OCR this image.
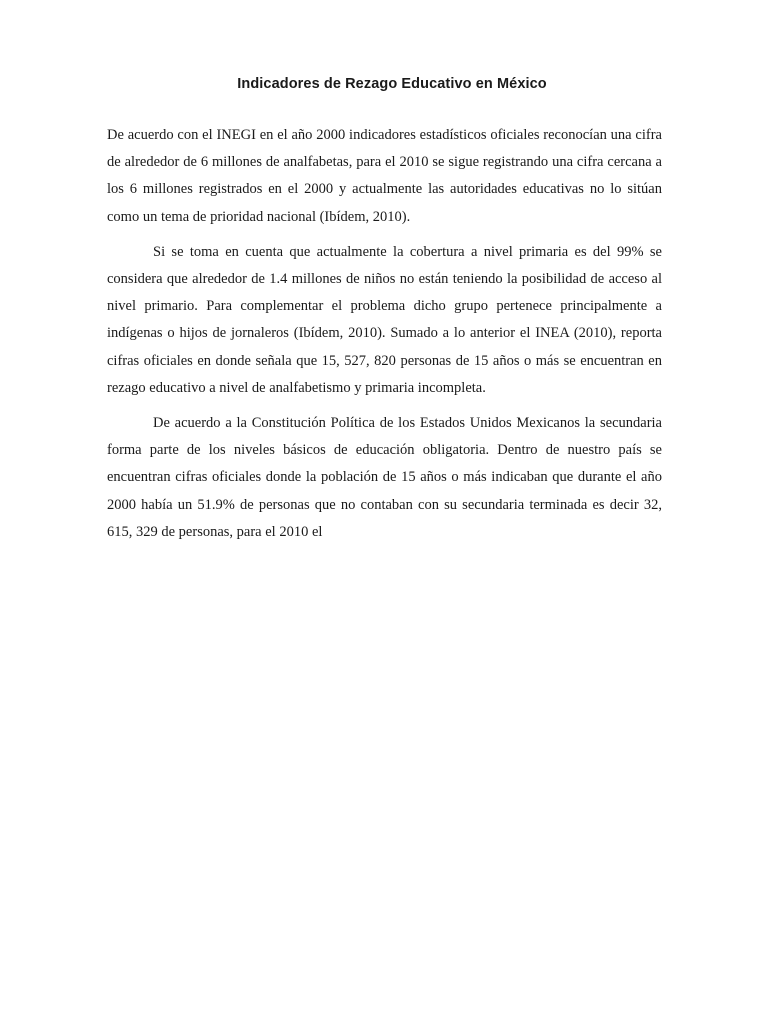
Indicadores de Rezago Educativo en México

De acuerdo con el INEGI en el año 2000 indicadores estadísticos oficiales reconocían una cifra de alrededor de 6 millones de analfabetas, para el 2010 se sigue registrando una cifra cercana a los 6 millones registrados en el 2000 y actualmente las autoridades educativas no lo sitúan como un tema de prioridad nacional (Ibídem, 2010).

Si se toma en cuenta que actualmente la cobertura a nivel primaria es del 99% se considera que alrededor de 1.4 millones de niños no están teniendo la posibilidad de acceso al nivel primario. Para complementar el problema dicho grupo pertenece principalmente a indígenas o hijos de jornaleros (Ibídem, 2010). Sumado a lo anterior el INEA (2010), reporta cifras oficiales en donde señala que 15, 527, 820 personas de 15 años o más se encuentran en rezago educativo a nivel de analfabetismo y primaria incompleta.

De acuerdo a la Constitución Política de los Estados Unidos Mexicanos la secundaria forma parte de los niveles básicos de educación obligatoria. Dentro de nuestro país se encuentran cifras oficiales donde la población de 15 años o más indicaban que durante el año 2000 había un 51.9% de personas que no contaban con su secundaria terminada es decir 32, 615, 329 de personas, para el 2010 el
